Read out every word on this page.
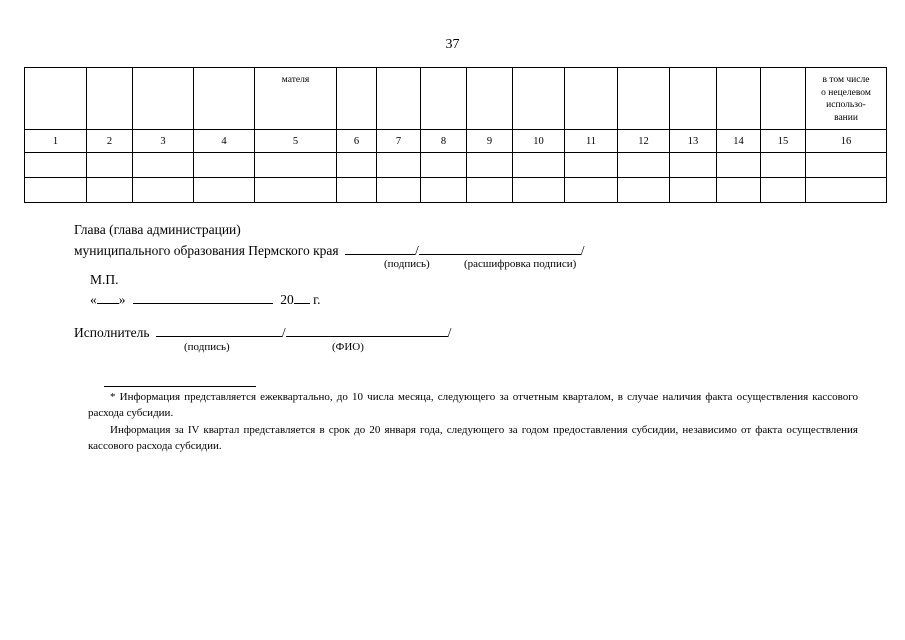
37

				мателя											в том числе
о нецелевом
использо-
вании

1	2	3	4	5	6	7	8	9	10	11	12	13	14	15	16

Глава (глава администрации)
муниципального образования Пермского края	/	/
(подпись)	(расшифровка подписи)
М.П.
« »	20 г.
Исполнитель	/	/
(подпись)	(ФИО)
* Информация представляется ежеквартально, до 10 числа месяца, следующего за отчетным кварталом, в случае наличия факта осуществления кассового расхода субсидии.
Информация за IV квартал представляется в срок до 20 января года, следующего за годом предоставления субсидии, независимо от факта осуществления кассового расхода субсидии.
